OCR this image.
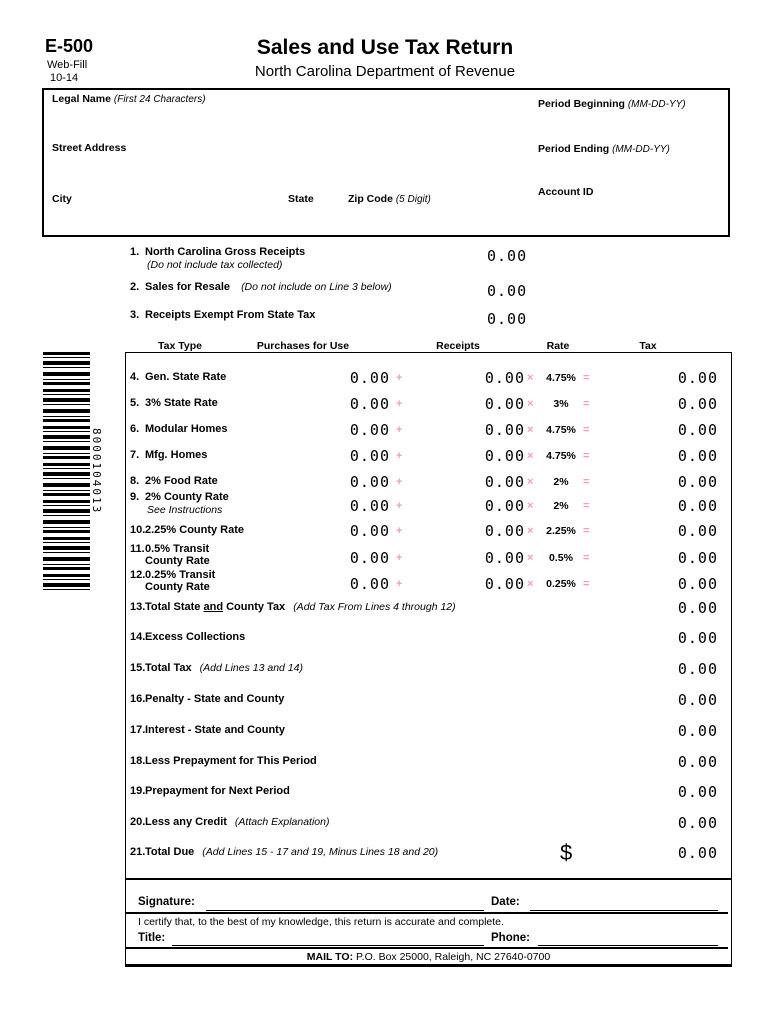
E-500
Web-Fill
10-14
Sales and Use Tax Return
North Carolina Department of Revenue
Legal Name (First 24 Characters)
Street Address
City	State	Zip Code (5 Digit)
Period Beginning (MM-DD-YY)
Period Ending (MM-DD-YY)
Account ID
1. North Carolina Gross Receipts
(Do not include tax collected)	0.00
2. Sales for Resale (Do not include on Line 3 below)	0.00
3. Receipts Exempt From State Tax	0.00
8000104013
Tax Type	Purchases for Use	Receipts	Rate	Tax
4. Gen. State Rate	0.00 +	0.00 ×	4.75% =	0.00
5. 3% State Rate	0.00 +	0.00 ×	3%	=	0.00
6. Modular Homes	0.00 +	0.00 ×	4.75% =	0.00
7. Mfg. Homes	0.00 +	0.00 ×	4.75% =	0.00
8. 2% Food Rate	0.00 +	0.00 ×	2%	=	0.00
9. 2% County Rate
See Instructions	0.00 +	0.00 ×	2%	=	0.00
10. 2.25% County Rate	0.00 +	0.00 ×	2.25% =	0.00
11. 0.5% Transit
County Rate	0.00 +	0.00 ×	0.5% =	0.00
12. 0.25% Transit
County Rate	0.00 +	0.00 ×	0.25% =	0.00
13. Total State and County Tax (Add Tax From Lines 4 through 12)	0.00
14. Excess Collections	0.00
15. Total Tax (Add Lines 13 and 14)	0.00
16. Penalty - State and County	0.00
17. Interest - State and County	0.00
18. Less Prepayment for This Period	0.00
19. Prepayment for Next Period	0.00
20. Less any Credit (Attach Explanation)	0.00
21. Total Due (Add Lines 15 - 17 and 19, Minus Lines 18 and 20)	$	0.00
Signature:	Date:
I certify that, to the best of my knowledge, this return is accurate and complete.
Title:	Phone:
MAIL TO: P.O. Box 25000, Raleigh, NC 27640-0700
